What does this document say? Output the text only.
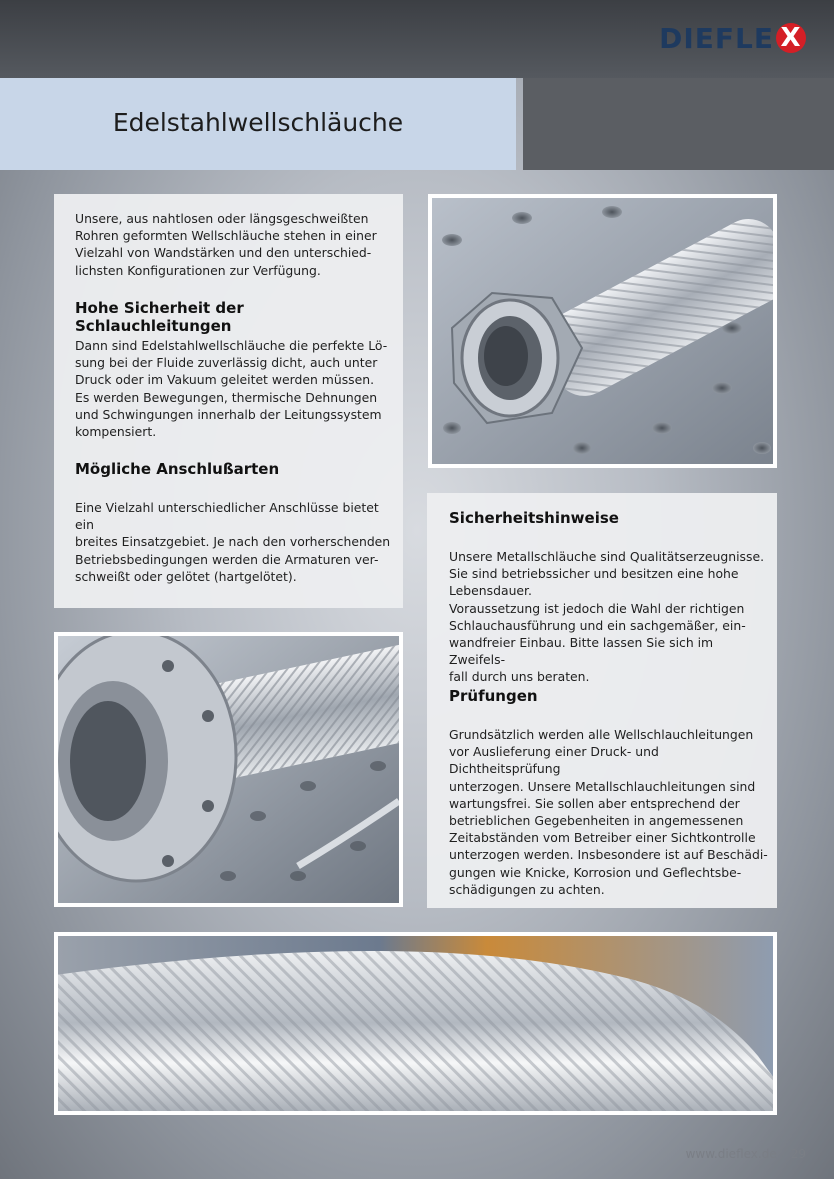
DIEFLE X
Edelstahlwellschläuche

Unsere, aus nahtlosen oder längsgeschweißten
Rohren geformten Wellschläuche stehen in einer
Vielzahl von Wandstärken und den unterschied-
lichsten Konfigurationen zur Verfügung.

Hohe Sicherheit der Schlauchleitungen

Dann sind Edelstahlwellschläuche die perfekte Lö-
sung bei der Fluide zuverlässig dicht, auch unter
Druck oder im Vakuum geleitet werden müssen.
Es werden Bewegungen, thermische Dehnungen
und Schwingungen innerhalb der Leitungssystem
kompensiert.

Mögliche Anschlußarten

Eine Vielzahl unterschiedlicher Anschlüsse bietet ein
breites Einsatzgebiet. Je nach den vorherschenden
Betriebsbedingungen werden die Armaturen ver-
schweißt oder gelötet (hartgelötet).

Sicherheitshinweise

Unsere Metallschläuche sind Qualitätserzeugnisse.
Sie sind betriebssicher und besitzen eine hohe
Lebensdauer.
Voraussetzung ist jedoch die Wahl der richtigen
Schlauchausführung und ein sachgemäßer, ein-
wandfreier Einbau. Bitte lassen Sie sich im Zweifels-
fall durch uns beraten.

Prüfungen

Grundsätzlich werden alle Wellschlauchleitungen
vor Auslieferung einer Druck- und Dichtheitsprüfung
unterzogen. Unsere Metallschlauchleitungen sind
wartungsfrei. Sie sollen aber entsprechend der
betrieblichen Gegebenheiten in angemessenen
Zeitabständen vom Betreiber einer Sichtkontrolle
unterzogen werden. Insbesondere ist auf Beschädi-
gungen wie Knicke, Korrosion und Geflechtsbe-
schädigungen zu achten.

www.dieflex.de 29
